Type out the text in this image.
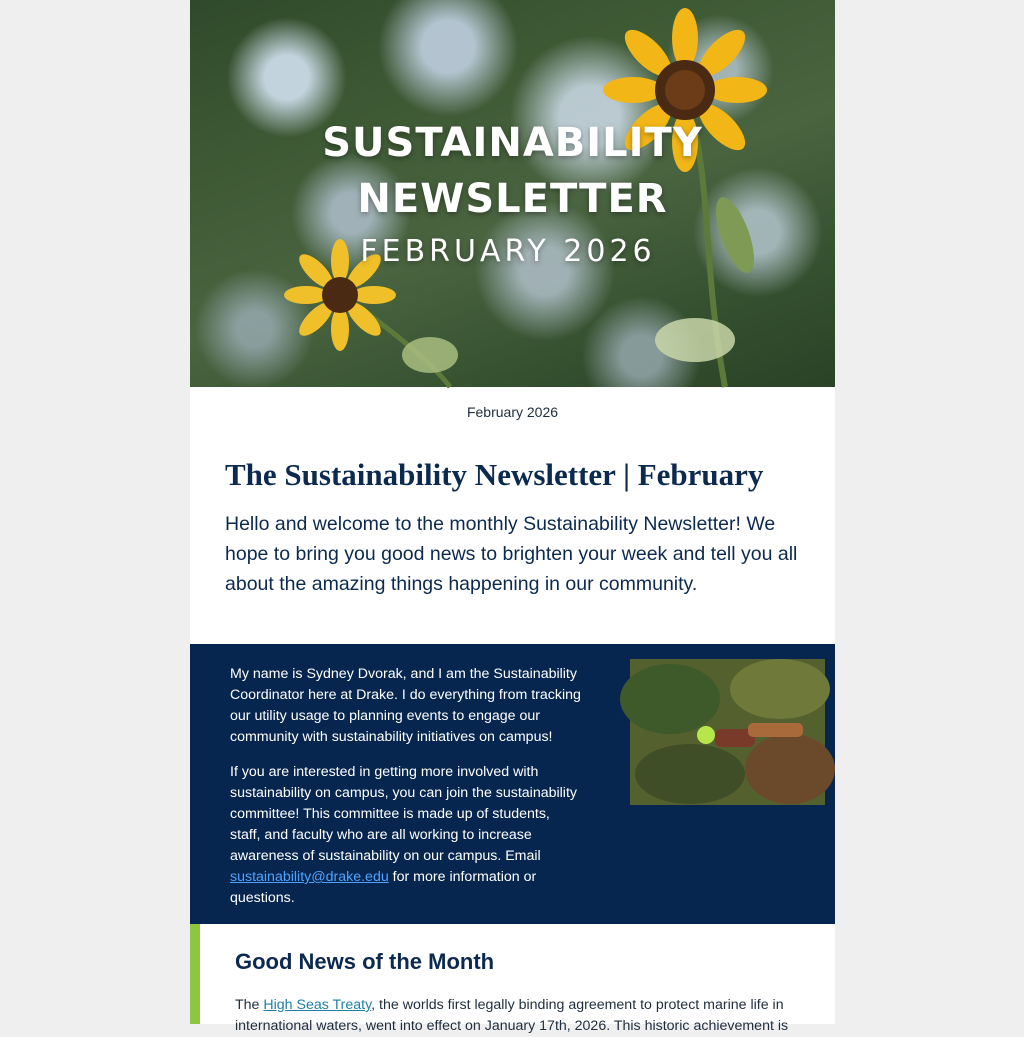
SUSTAINABILITY
NEWSLETTER
FEBRUARY 2026
February 2026
The Sustainability Newsletter | February

Hello and welcome to the monthly Sustainability Newsletter! We hope to bring you good news to brighten your week and tell you all about the amazing things happening in our community.

My name is Sydney Dvorak, and I am the Sustainability Coordinator here at Drake. I do everything from tracking our utility usage to planning events to engage our community with sustainability initiatives on campus!

If you are interested in getting more involved with sustainability on campus, you can join the sustainability committee! This committee is made up of students, staff, and faculty who are all working to increase awareness of sustainability on our campus. Email sustainability@drake.edu for more information or questions.

Good News of the Month

The High Seas Treaty, the worlds first legally binding agreement to protect marine life in international waters, went into effect on January 17th, 2026. This historic achievement is
